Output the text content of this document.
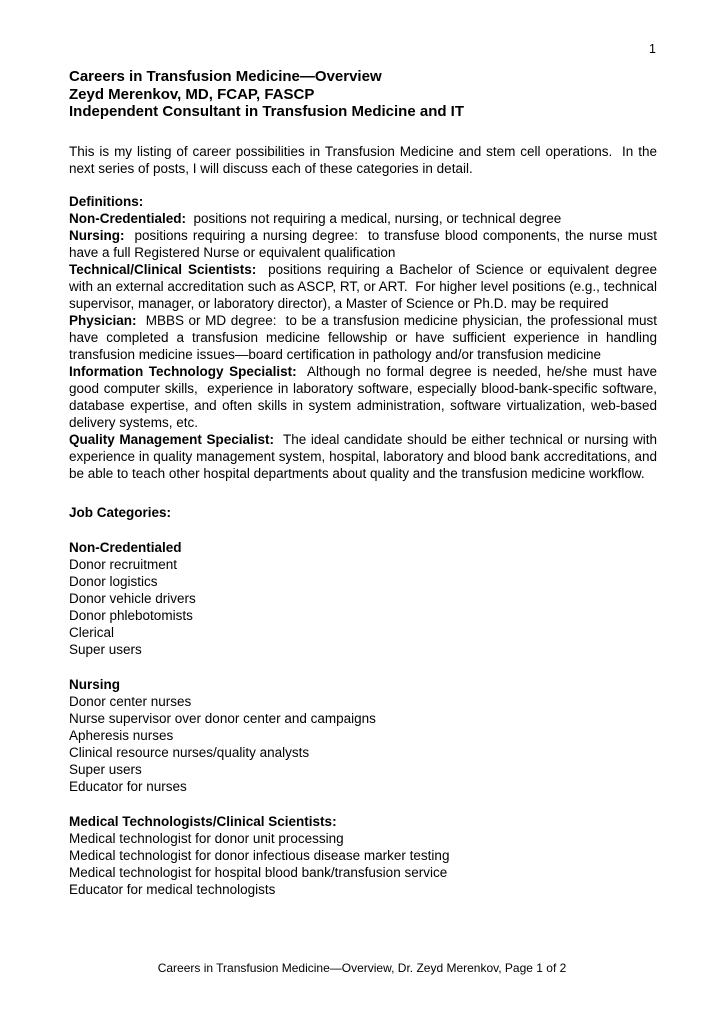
1

Careers in Transfusion Medicine—Overview

Zeyd Merenkov, MD, FCAP, FASCP

Independent Consultant in Transfusion Medicine and IT

This is my listing of career possibilities in Transfusion Medicine and stem cell operations.  In the next series of posts, I will discuss each of these categories in detail.

Definitions:

Non-Credentialed:  positions not requiring a medical, nursing, or technical degree

Nursing:  positions requiring a nursing degree:  to transfuse blood components, the nurse must have a full Registered Nurse or equivalent qualification

Technical/Clinical Scientists:  positions requiring a Bachelor of Science or equivalent degree with an external accreditation such as ASCP, RT, or ART.  For higher level positions (e.g., technical supervisor, manager, or laboratory director), a Master of Science or Ph.D. may be required

Physician:  MBBS or MD degree:  to be a transfusion medicine physician, the professional must have completed a transfusion medicine fellowship or have sufficient experience in handling transfusion medicine issues—board certification in pathology and/or transfusion medicine

Information Technology Specialist:  Although no formal degree is needed, he/she must have good computer skills,  experience in laboratory software, especially blood-bank-specific software, database expertise, and often skills in system administration, software virtualization, web-based delivery systems, etc.

Quality Management Specialist:  The ideal candidate should be either technical or nursing with experience in quality management system, hospital, laboratory and blood bank accreditations, and be able to teach other hospital departments about quality and the transfusion medicine workflow.

Job Categories:

Non-Credentialed

Donor recruitment

Donor logistics

Donor vehicle drivers

Donor phlebotomists

Clerical

Super users

Nursing

Donor center nurses

Nurse supervisor over donor center and campaigns

Apheresis nurses

Clinical resource nurses/quality analysts

Super users

Educator for nurses

Medical Technologists/Clinical Scientists:

Medical technologist for donor unit processing

Medical technologist for donor infectious disease marker testing

Medical technologist for hospital blood bank/transfusion service

Educator for medical technologists

Careers in Transfusion Medicine—Overview, Dr. Zeyd Merenkov, Page 1 of 2
